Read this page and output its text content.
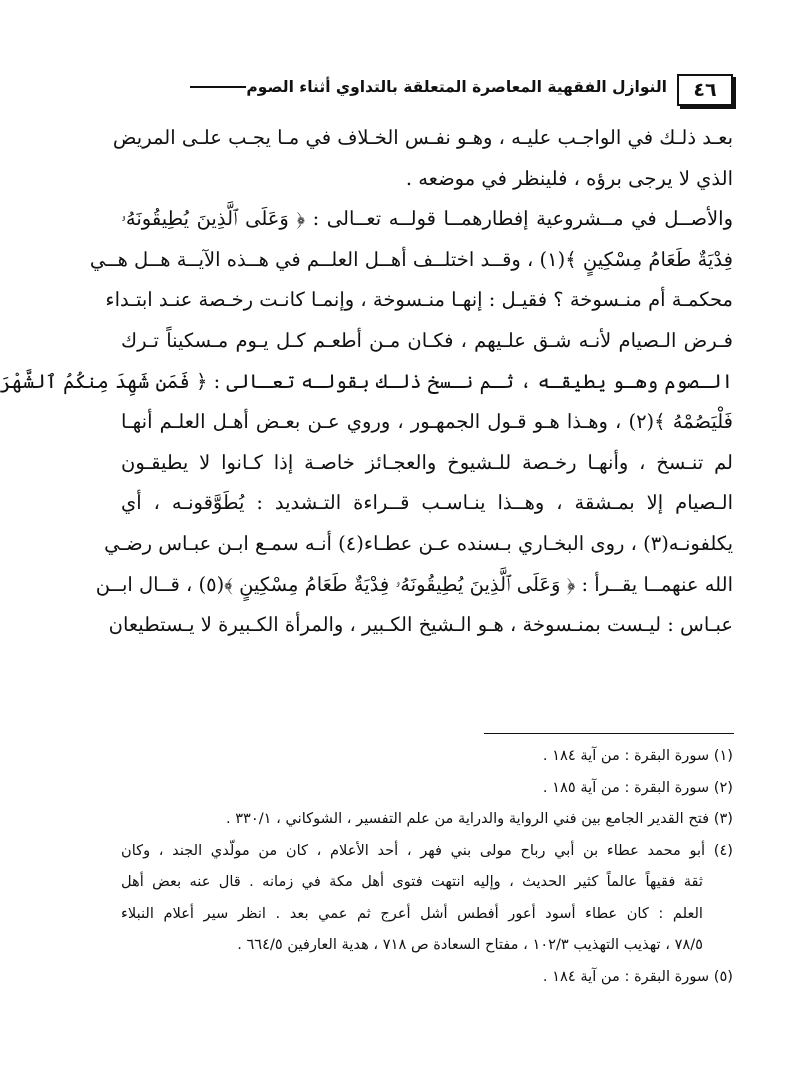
٤٦
النوازل الفقهية المعاصرة المتعلقة بالتداوي أثناء الصوم
بعـد ذلـك في الواجـب عليـه ، وهـو نفـس الخـلاف في مـا يجـب علـى المريض
الذي لا يرجى برؤه ، فلينظر في موضعه .
والأصــل في مــشروعية إفطارهمــا قولــه تعــالى : ﴿ وَعَلَى ٱلَّذِينَ يُطِيقُونَهُۥ
فِدْيَةٌ طَعَامُ مِسْكِينٍ ﴾(١) ، وقــد اختلــف أهــل العلــم في هــذه الآيــة هــل هــي
محكمـة أم منـسوخة ؟ فقيـل : إنهـا منـسوخة ، وإنمـا كانـت رخـصة عنـد ابتـداء
فـرض الـصيام لأنـه شـق علـيهم ، فكـان مـن أطعـم كـل يـوم مـسكيناً تـرك
الـصوم وهـو يطيقـه ، ثـم نـسخ ذلـك بقولـه تعـالى : ﴿ فَمَن شَهِدَ مِنكُمُ ٱلشَّهْرَ
فَلْيَصُمْهُ ﴾(٢) ، وهـذا هـو قـول الجمهـور ، وروي عـن بعـض أهـل العلـم أنهـا
لم تنـسخ ، وأنهـا رخـصة للـشيوخ والعجـائز خاصـة إذا كـانوا لا يطيقـون
الـصيام إلا بمـشقة ، وهــذا ينـاسـب قــراءة التـشديد : يُطَوَّقونـه ، أي
يكلفونـه(٣) ، روى البخـاري بـسنده عـن عطـاء(٤) أنـه سمـع ابـن عبـاس رضـي
الله عنهمــا يقــرأ : ﴿ وَعَلَى ٱلَّذِينَ يُطِيقُونَهُۥ فِدْيَةٌ طَعَامُ مِسْكِينٍ ﴾(٥) ، قــال ابــن
عبـاس : ليـست بمنـسوخة ، هـو الـشيخ الكـبير ، والمرأة الكـبيرة لا يـستطيعان
(١) سورة البقرة : من آية ١٨٤ .
(٢) سورة البقرة : من آية ١٨٥ .
(٣) فتح القدير الجامع بين فني الرواية والدراية من علم التفسير ، الشوكاني ، ٣٣٠/١ .
(٤) أبو محمد عطاء بن أبي رباح مولى بني فهر ، أحد الأعلام ، كان من مولّدي الجند ، وكان
ثقة فقيهاً عالماً كثير الحديث ، وإليه انتهت فتوى أهل مكة في زمانه . قال عنه بعض أهل
العلم : كان عطاء أسود أعور أفطس أشل أعرج ثم عمي بعد . انظر سير أعلام النبلاء
٧٨/٥ ، تهذيب التهذيب ١٠٢/٣ ، مفتاح السعادة ص ٧١٨ ، هدية العارفين ٦٦٤/٥ .
(٥) سورة البقرة : من آية ١٨٤ .
